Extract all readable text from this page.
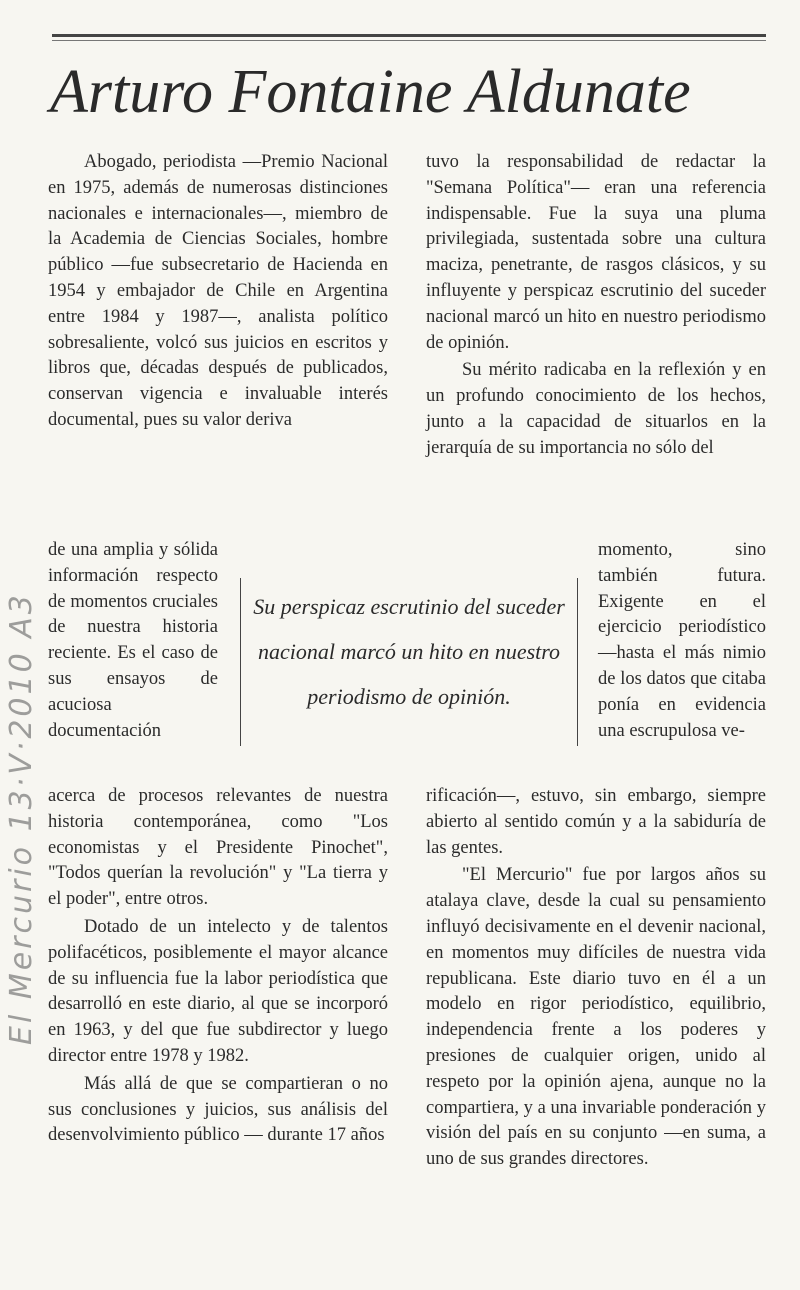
Arturo Fontaine Aldunate

Abogado, periodista —Premio Nacional en 1975, además de numerosas distinciones nacionales e internacionales—, miembro de la Academia de Ciencias Sociales, hombre público —fue subsecretario de Hacienda en 1954 y embajador de Chile en Argentina entre 1984 y 1987—, analista político sobresaliente, volcó sus juicios en escritos y libros que, décadas después de publicados, conservan vigencia e invaluable interés documental, pues su valor deriva

de una amplia y sólida información respecto de momentos cruciales de nuestra historia reciente. Es el caso de sus ensayos de acuciosa documentación

acerca de procesos relevantes de nuestra historia contemporánea, como "Los economistas y el Presidente Pinochet", "Todos querían la revolución" y "La tierra y el poder", entre otros.

Dotado de un intelecto y de talentos polifacéticos, posiblemente el mayor alcance de su influencia fue la labor periodística que desarrolló en este diario, al que se incorporó en 1963, y del que fue subdirector y luego director entre 1978 y 1982.

Más allá de que se compartieran o no sus conclusiones y juicios, sus análisis del desenvolvimiento público — durante 17 años

tuvo la responsabilidad de redactar la "Semana Política"— eran una referencia indispensable. Fue la suya una pluma privilegiada, sustentada sobre una cultura maciza, penetrante, de rasgos clásicos, y su influyente y perspicaz escrutinio del suceder nacional marcó un hito en nuestro periodismo de opinión.

Su mérito radicaba en la reflexión y en un profundo conocimiento de los hechos, junto a la capacidad de situarlos en la jerarquía de su importancia no sólo del

momento, sino también futura. Exigente en el ejercicio periodístico —hasta el más nimio de los datos que citaba ponía en evidencia una escrupulosa ve-

rificación—, estuvo, sin embargo, siempre abierto al sentido común y a la sabiduría de las gentes.

"El Mercurio" fue por largos años su atalaya clave, desde la cual su pensamiento influyó decisivamente en el devenir nacional, en momentos muy difíciles de nuestra vida republicana. Este diario tuvo en él a un modelo en rigor periodístico, equilibrio, independencia frente a los poderes y presiones de cualquier origen, unido al respeto por la opinión ajena, aunque no la compartiera, y a una invariable ponderación y visión del país en su conjunto —en suma, a uno de sus grandes directores.

Su perspicaz escrutinio del suceder nacional marcó un hito en nuestro periodismo de opinión.
El Mercurio 13·V·2010 A3
